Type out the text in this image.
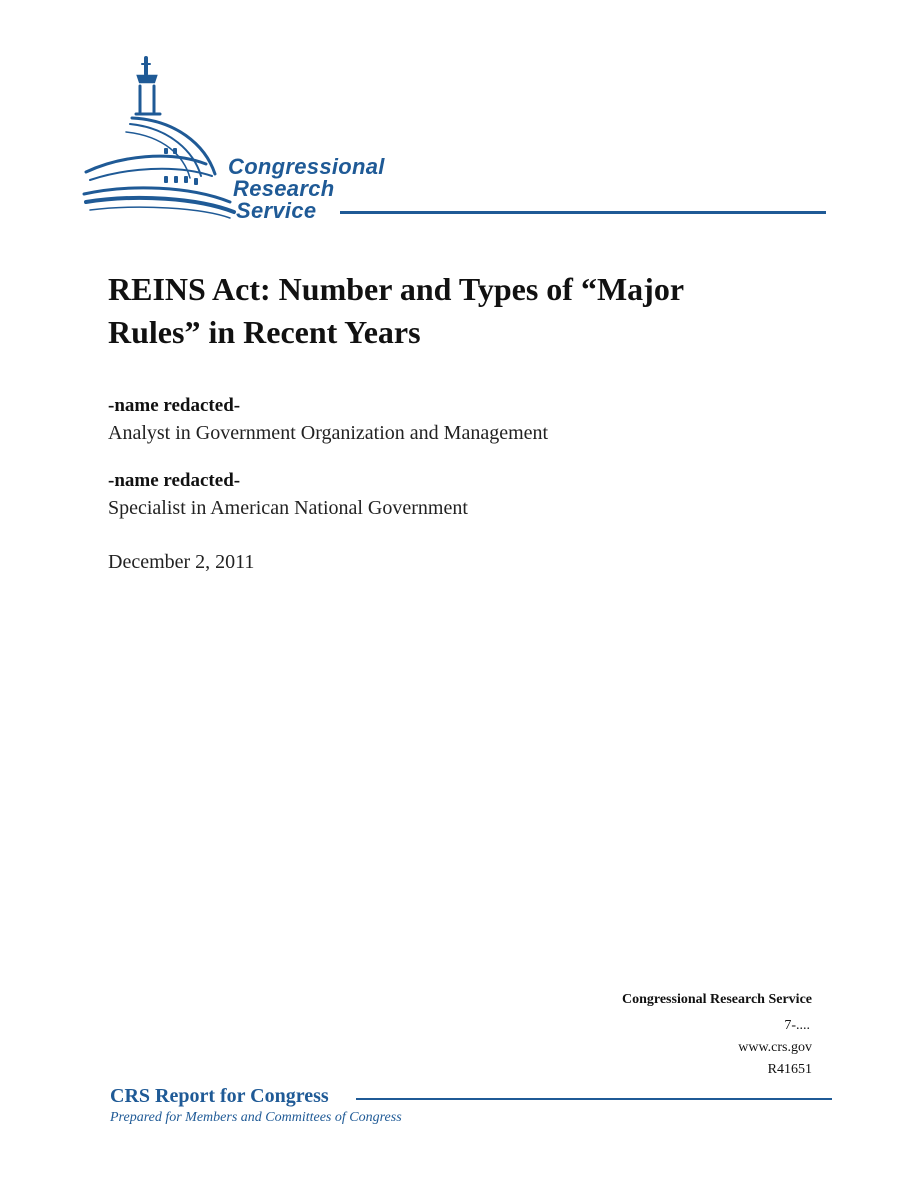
Congressional
Research
Service
REINS Act: Number and Types of “Major
Rules” in Recent Years
-name redacted-
Analyst in Government Organization and Management
-name redacted-
Specialist in American National Government
December 2, 2011
Congressional Research Service
7-....
www.crs.gov
R41651
CRS Report for Congress
Prepared for Members and Committees of Congress
